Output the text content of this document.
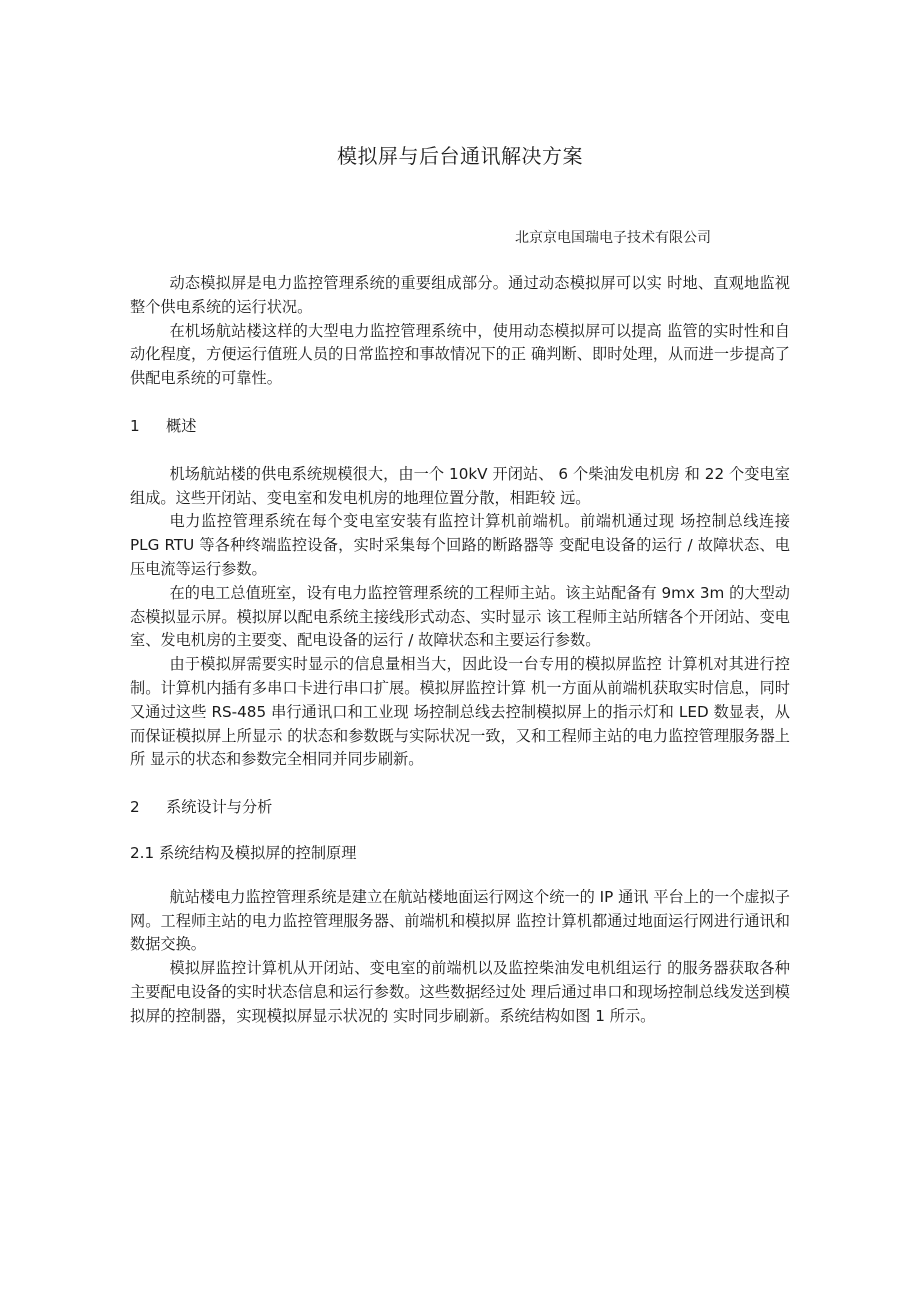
模拟屏与后台通讯解决方案
北京京电国瑞电子技术有限公司

动态模拟屏是电力监控管理系统的重要组成部分。通过动态模拟屏可以实 时地、直观地监视整个供电系统的运行状况。

在机场航站楼这样的大型电力监控管理系统中，使用动态模拟屏可以提高 监管的实时性和自动化程度，方便运行值班人员的日常监控和事故情况下的正 确判断、即时处理，从而进一步提高了供配电系统的可靠性。

1 概述

机场航站楼的供电系统规模很大，由一个 10kV 开闭站、 6 个柴油发电机房 和 22 个变电室组成。这些开闭站、变电室和发电机房的地理位置分散，相距较 远。

电力监控管理系统在每个变电室安装有监控计算机前端机。前端机通过现 场控制总线连接 PLG RTU 等各种终端监控设备，实时采集每个回路的断路器等 变配电设备的运行 / 故障状态、电压电流等运行参数。

在的电工总值班室，设有电力监控管理系统的工程师主站。该主站配备有 9mx 3m 的大型动态模拟显示屏。模拟屏以配电系统主接线形式动态、实时显示 该工程师主站所辖各个开闭站、变电室、发电机房的主要变、配电设备的运行 / 故障状态和主要运行参数。

由于模拟屏需要实时显示的信息量相当大，因此设一台专用的模拟屏监控 计算机对其进行控制。计算机内插有多串口卡进行串口扩展。模拟屏监控计算 机一方面从前端机获取实时信息，同时又通过这些 RS-485 串行通讯口和工业现 场控制总线去控制模拟屏上的指示灯和 LED 数显表，从而保证模拟屏上所显示 的状态和参数既与实际状况一致，又和工程师主站的电力监控管理服务器上所 显示的状态和参数完全相同并同步刷新。

2 系统设计与分析
2.1 系统结构及模拟屏的控制原理

航站楼电力监控管理系统是建立在航站楼地面运行网这个统一的 IP 通讯 平台上的一个虚拟子网。工程师主站的电力监控管理服务器、前端机和模拟屏 监控计算机都通过地面运行网进行通讯和数据交换。

模拟屏监控计算机从开闭站、变电室的前端机以及监控柴油发电机组运行 的服务器获取各种主要配电设备的实时状态信息和运行参数。这些数据经过处 理后通过串口和现场控制总线发送到模拟屏的控制器，实现模拟屏显示状况的 实时同步刷新。系统结构如图 1 所示。
